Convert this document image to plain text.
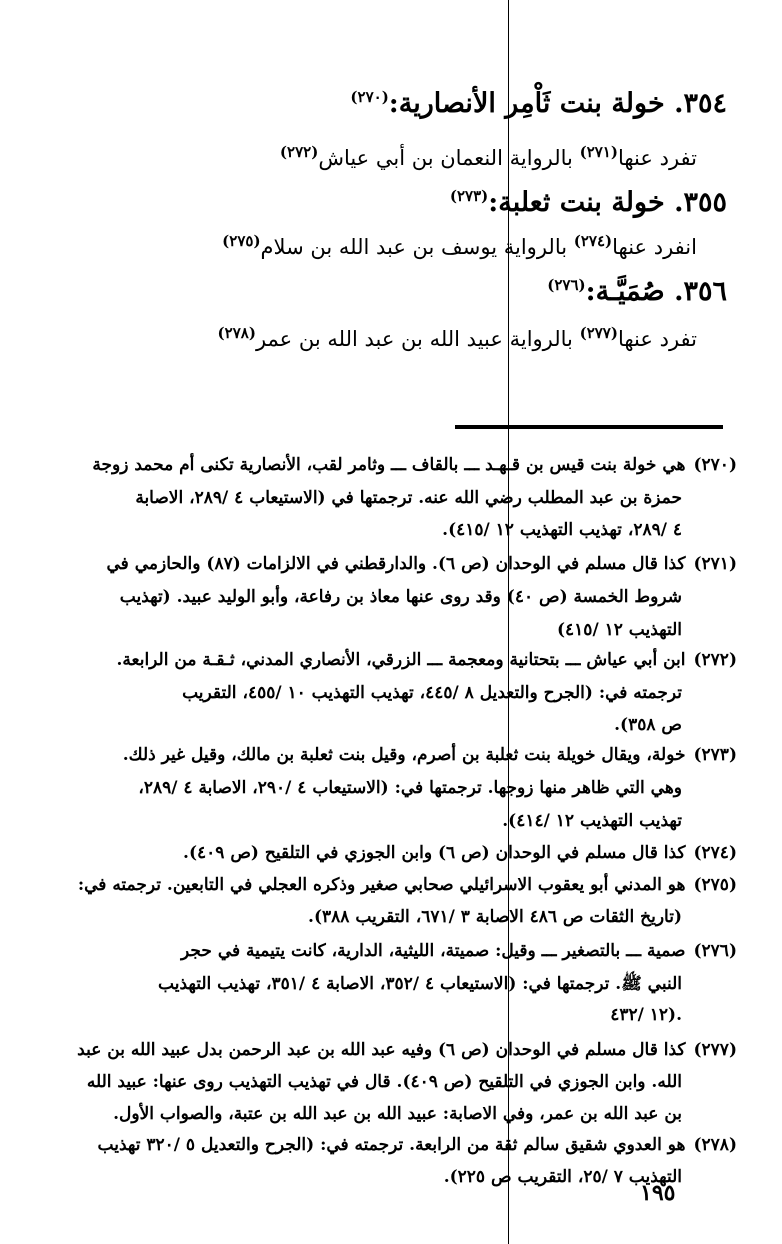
٣٥٤. خولة بنت ثَاْمِر الأنصارية:$^{(٢٧٠)}$
تفرد عنها$^{(٢٧١)}$ بالرواية النعمان بن أبي عياش$^{(٢٧٢)}$
٣٥٥. خولة بنت ثعلبة:$^{(٢٧٣)}$
انفرد عنها$^{(٢٧٤)}$ بالرواية يوسف بن عبد الله بن سلام$^{(٢٧٥)}$
٣٥٦. صُمَيَّـة:$^{(٢٧٦)}$
تفرد عنها$^{(٢٧٧)}$ بالرواية عبيد الله بن عبد الله بن عمر$^{(٢٧٨)}$
(٢٧٠)هي خولة بنت قيس بن قـهـد ـــ بالقاف ـــ وثامر لقب، الأنصارية تكنى أم محمد زوجة
حمزة بن عبد المطلب رضي الله عنه. ترجمتها في (الاستيعاب ٤ /٢٨٩، الاصابة
٤ /٢٨٩، تهذيب التهذيب ١٢ /٤١٥).
(٢٧١)كذا قال مسلم في الوحدان (ص ٦). والدارقطني في الالزامات (٨٧) والحازمي في
شروط الخمسة (ص ٤٠) وقد روى عنها معاذ بن رفاعة، وأبو الوليد عبيد. (تهذيب
التهذيب ١٢ /٤١٥)
(٢٧٢)ابن أبي عياش ـــ بتحتانية ومعجمة ـــ الزرقي، الأنصاري المدني، ثـقـة من الرابعة.
ترجمته في: (الجرح والتعديل ٨ /٤٤٥، تهذيب التهذيب ١٠ /٤٥٥، التقريب
ص ٣٥٨).
(٢٧٣)خولة، ويقال خويلة بنت ثعلبة بن أصرم، وقيل بنت ثعلبة بن مالك، وقيل غير ذلك.
وهي التي ظاهر منها زوجها. ترجمتها في: (الاستيعاب ٤ /٢٩٠، الاصابة ٤ /٢٨٩،
تهذيب التهذيب ١٢ /٤١٤).
(٢٧٤)كذا قال مسلم في الوحدان (ص ٦) وابن الجوزي في التلقيح (ص ٤٠٩).
(٢٧٥)هو المدني أبو يعقوب الاسرائيلي صحابي صغير وذكره العجلي في التابعين. ترجمته في:
(تاريخ الثقات ص ٤٨٦ الاصابة ٣ /٦٧١، التقريب ٣٨٨).
(٢٧٦)صمية ـــ بالتصغير ـــ وقيل: صميتة، الليثية، الدارية، كانت يتيمية في حجر
النبي ﷺ. ترجمتها في: (الاستيعاب ٤ /٣٥٢، الاصابة ٤ /٣٥١، تهذيب التهذيب
١٢ /٤٣٢).
(٢٧٧)كذا قال مسلم في الوحدان (ص ٦) وفيه عبد الله بن عبد الرحمن بدل عبيد الله بن عبد
الله. وابن الجوزي في التلقيح (ص ٤٠٩). قال في تهذيب التهذيب روى عنها: عبيد الله
بن عبد الله بن عمر، وفي الاصابة: عبيد الله بن عبد الله بن عتبة، والصواب الأول.
(٢٧٨)هو العدوي شقيق سالم ثقة من الرابعة. ترجمته في: (الجرح والتعديل ٥ /٣٢٠ تهذيب
التهذيب ٧ /٢٥، التقريب ص ٢٢٥).
١٩٥
